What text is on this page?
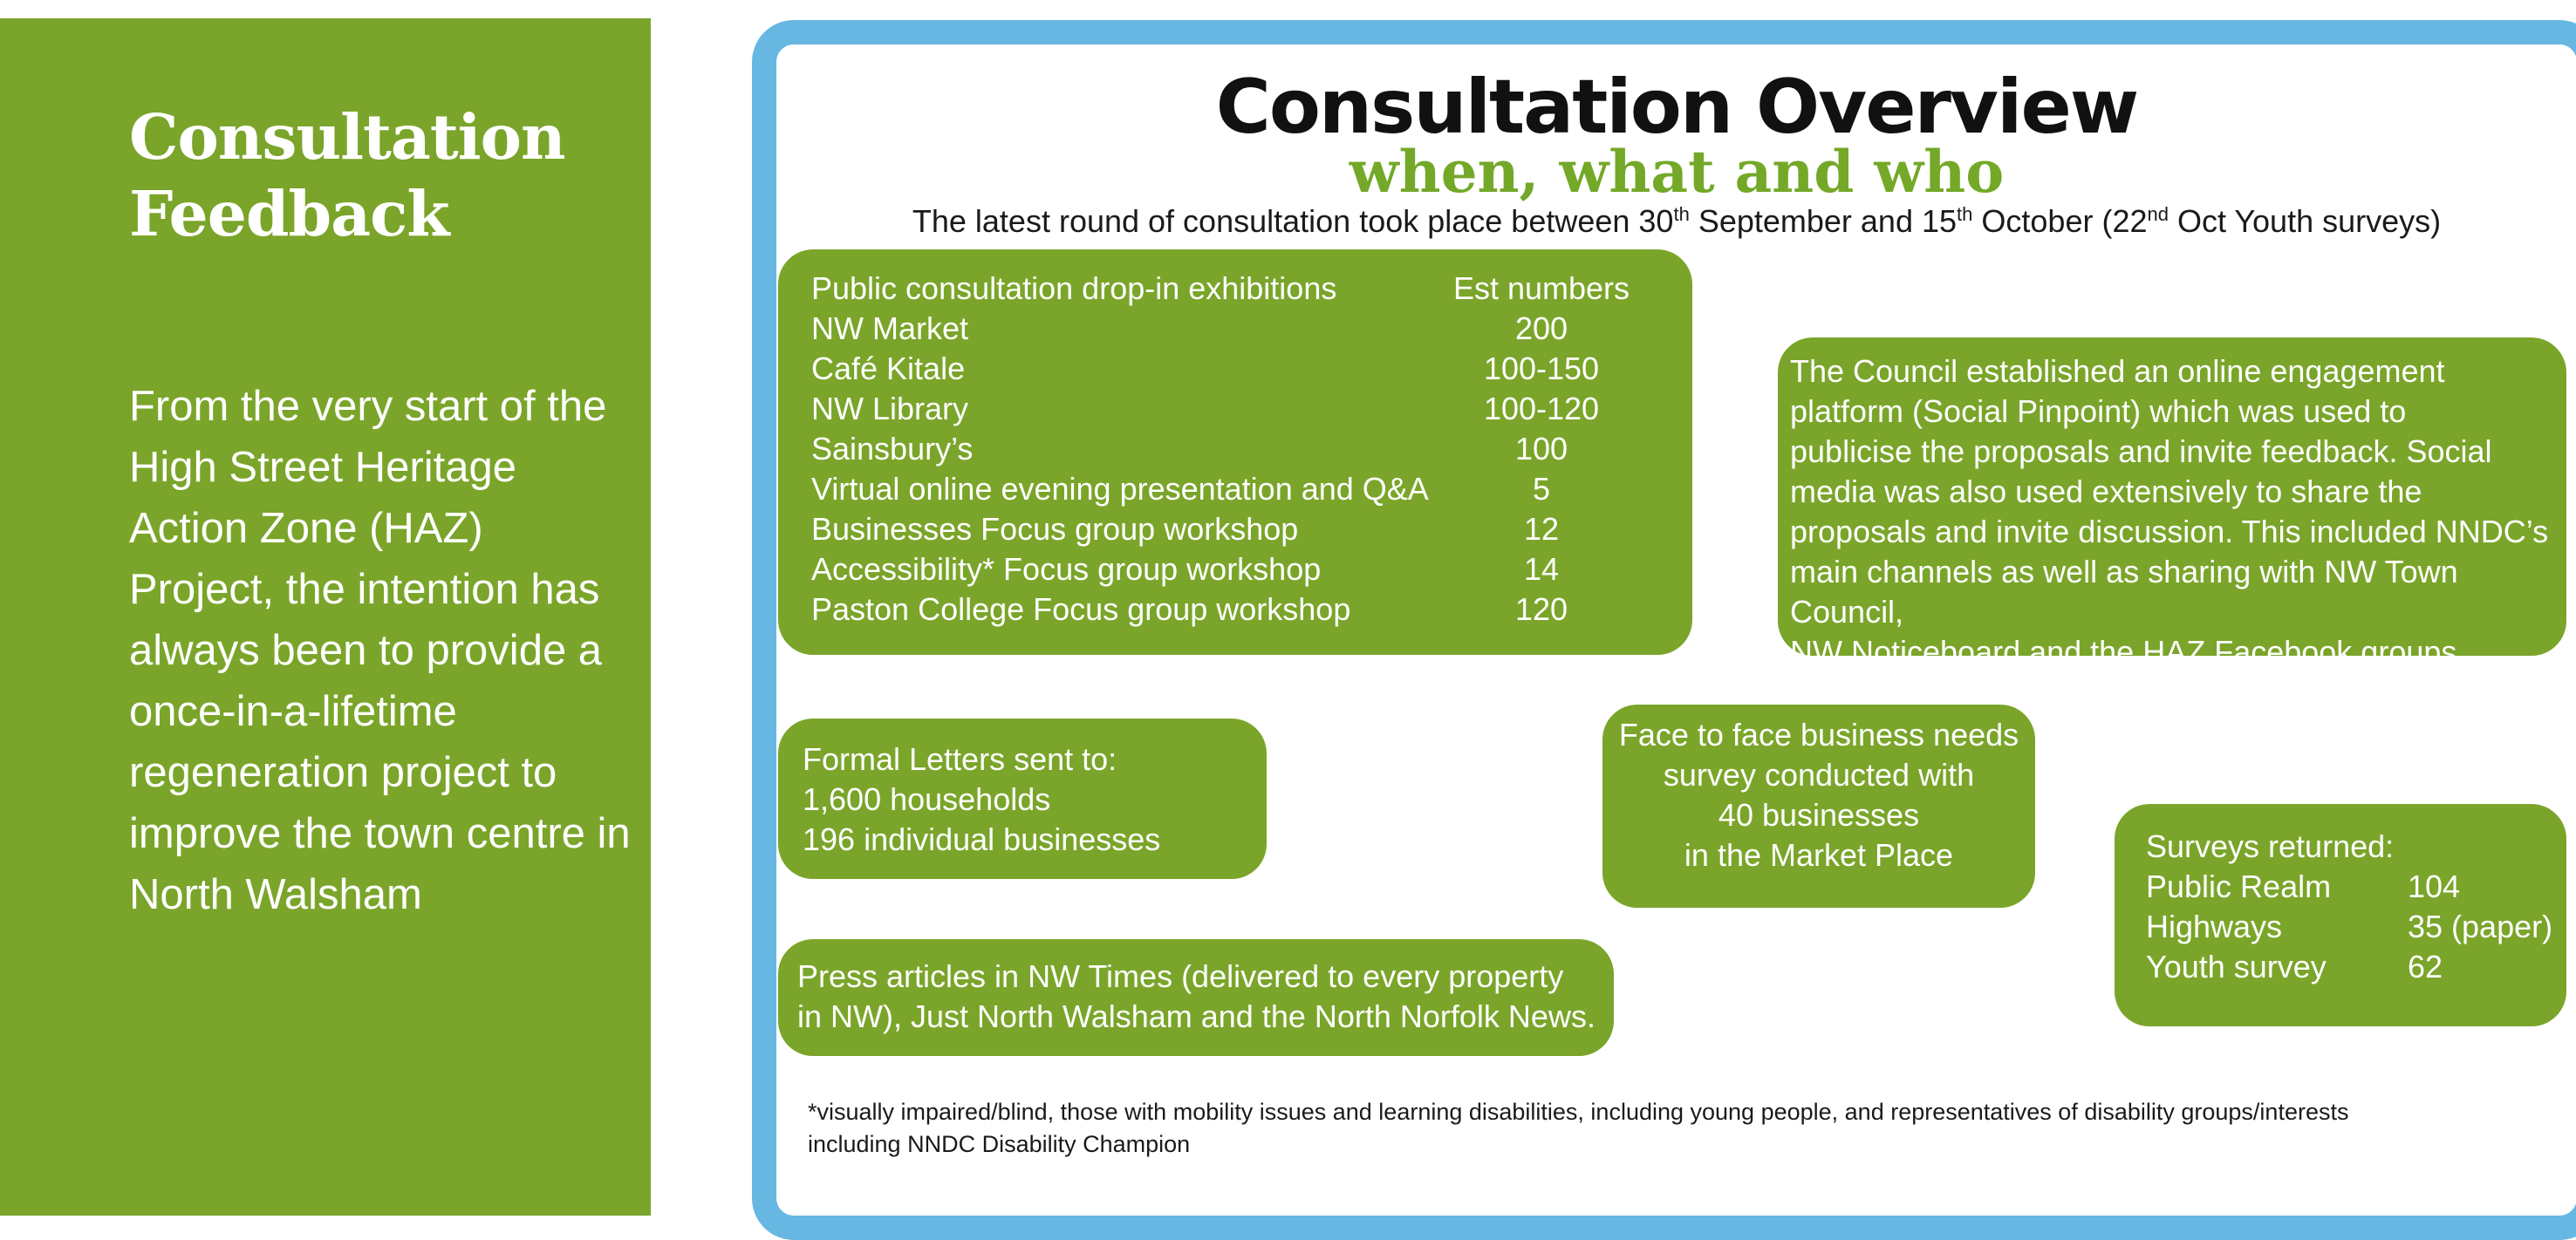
Consultation
Feedback

From the very start of the High Street Heritage Action Zone (HAZ) Project, the intention has always been to provide a once-in-a-lifetime regeneration project to improve the town centre in North Walsham

Consultation Overview
when, what and who
The latest round of consultation took place between 30th September and 15th October (22nd Oct Youth surveys)
Public consultation drop-in exhibitions	Est numbers
NW Market	200
Café Kitale	100-150
NW Library	100-120
Sainsbury’s	100
Virtual online evening presentation and Q&A	5
Businesses Focus group workshop	12
Accessibility* Focus group workshop	14
Paston College Focus group workshop	120
The Council established an online engagement
platform (Social Pinpoint) which was used to
publicise the proposals and invite feedback. Social
media was also used extensively to share the
proposals and invite discussion. This included NNDC’s
main channels as well as sharing with NW Town Council,
NW Noticeboard and the HAZ Facebook groups.
Formal Letters sent to:
1,600 households
196 individual businesses
Face to face business needs
survey conducted with
40 businesses
in the Market Place
Press articles in NW Times (delivered to every property
in NW), Just North Walsham and the North Norfolk News.
Surveys returned:
Public Realm	104
Highways	35 (paper)
Youth survey	62
*visually impaired/blind, those with mobility issues and learning disabilities, including young people, and representatives of disability groups/interests
including NNDC Disability Champion
